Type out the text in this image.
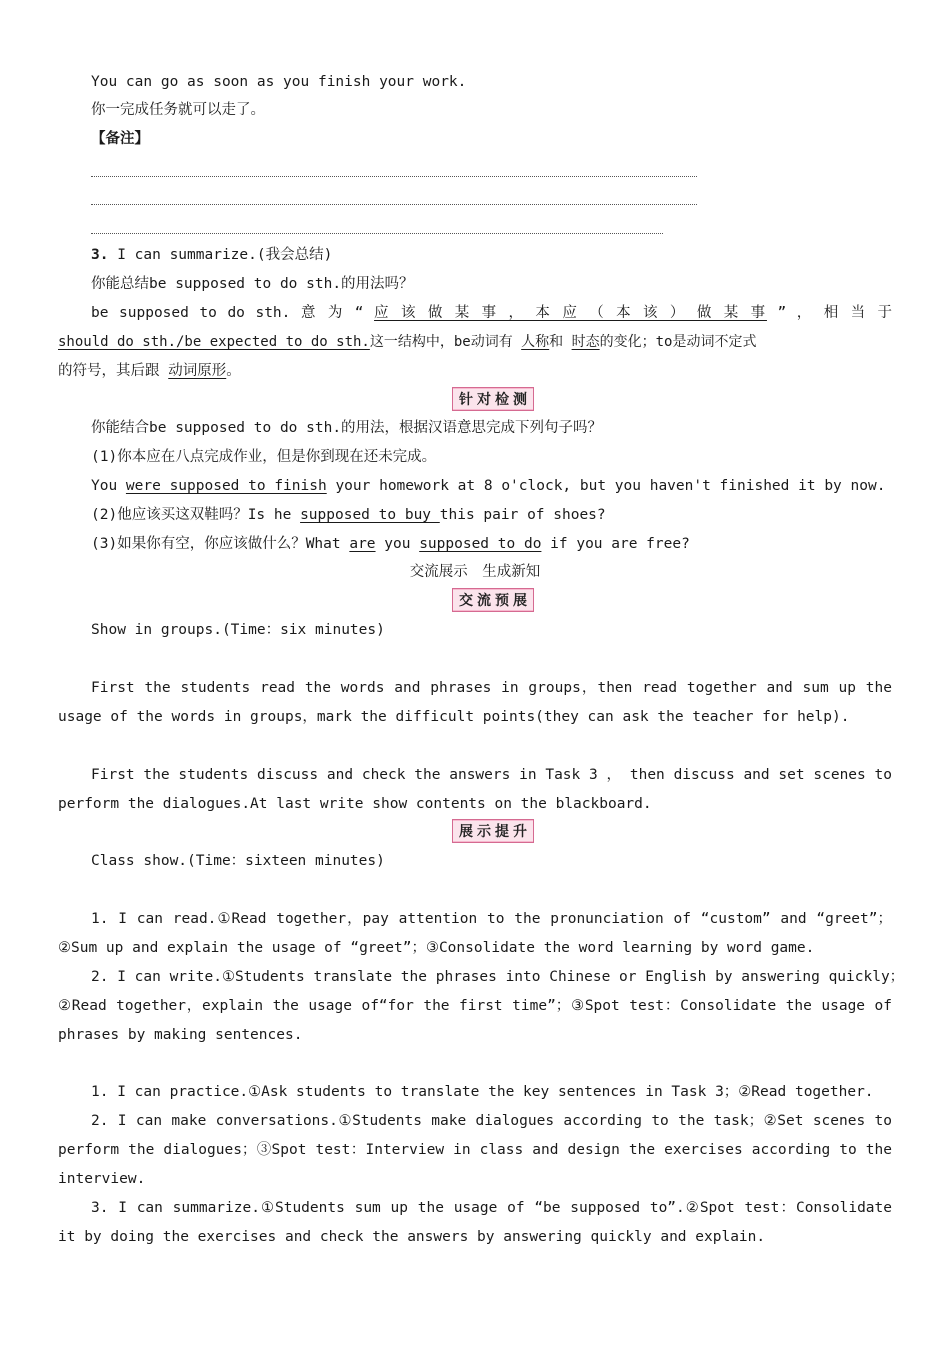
You can go as soon as you finish your work.
你一完成任务就可以走了。
【备注】
3. I can summarize.(我会总结)
你能总结be supposed to do sth.的用法吗？
be supposed to do sth. 意 为 “ 应 该 做 某 事 ， 本 应 （ 本 该 ） 做 某 事 ” ， 相 当 于
should do sth./be expected to do sth.这一结构中，be动词有 人称和 时态的变化；to是动词不定式
的符号，其后跟 动词原形。
针对检测
你能结合be supposed to do sth.的用法，根据汉语意思完成下列句子吗？
(1)你本应在八点完成作业，但是你到现在还未完成。
You were supposed to finish your homework at 8 o'clock, but you haven't finished it by now.
(2)他应该买这双鞋吗？Is he supposed to buy this pair of shoes?
(3)如果你有空，你应该做什么？What are you supposed to do if you are free?
交流展示　生成新知
交流预展
Show in groups.(Time：six minutes)
First the students read the words and phrases in groups，then read together and sum up the
usage of the words in groups，mark the difficult points(they can ask the teacher for help).
First the students discuss and check the answers in Task 3 ， then discuss and set scenes to
perform the dialogues.At last write show contents on the blackboard.
展示提升
Class show.(Time：sixteen minutes)
1. I can read.①Read together，pay attention to the pronunciation of “custom” and “greet”；
②Sum up and explain the usage of “greet”；③Consolidate the word learning by word game.
2. I can write.①Students translate the phrases into Chinese or English by answering quickly；
②Read together，explain the usage of“for the first time”；③Spot test：Consolidate the usage of
phrases by making sentences.
1. I can practice.①Ask students to translate the key sentences in Task 3；②Read together.
2. I can make conversations.①Students make dialogues according to the task；②Set scenes to
perform the dialogues；③Spot test：Interview in class and design the exercises according to the
interview.
3. I can summarize.①Students sum up the usage of “be supposed to”.②Spot test：Consolidate
it by doing the exercises and check the answers by answering quickly and explain.
